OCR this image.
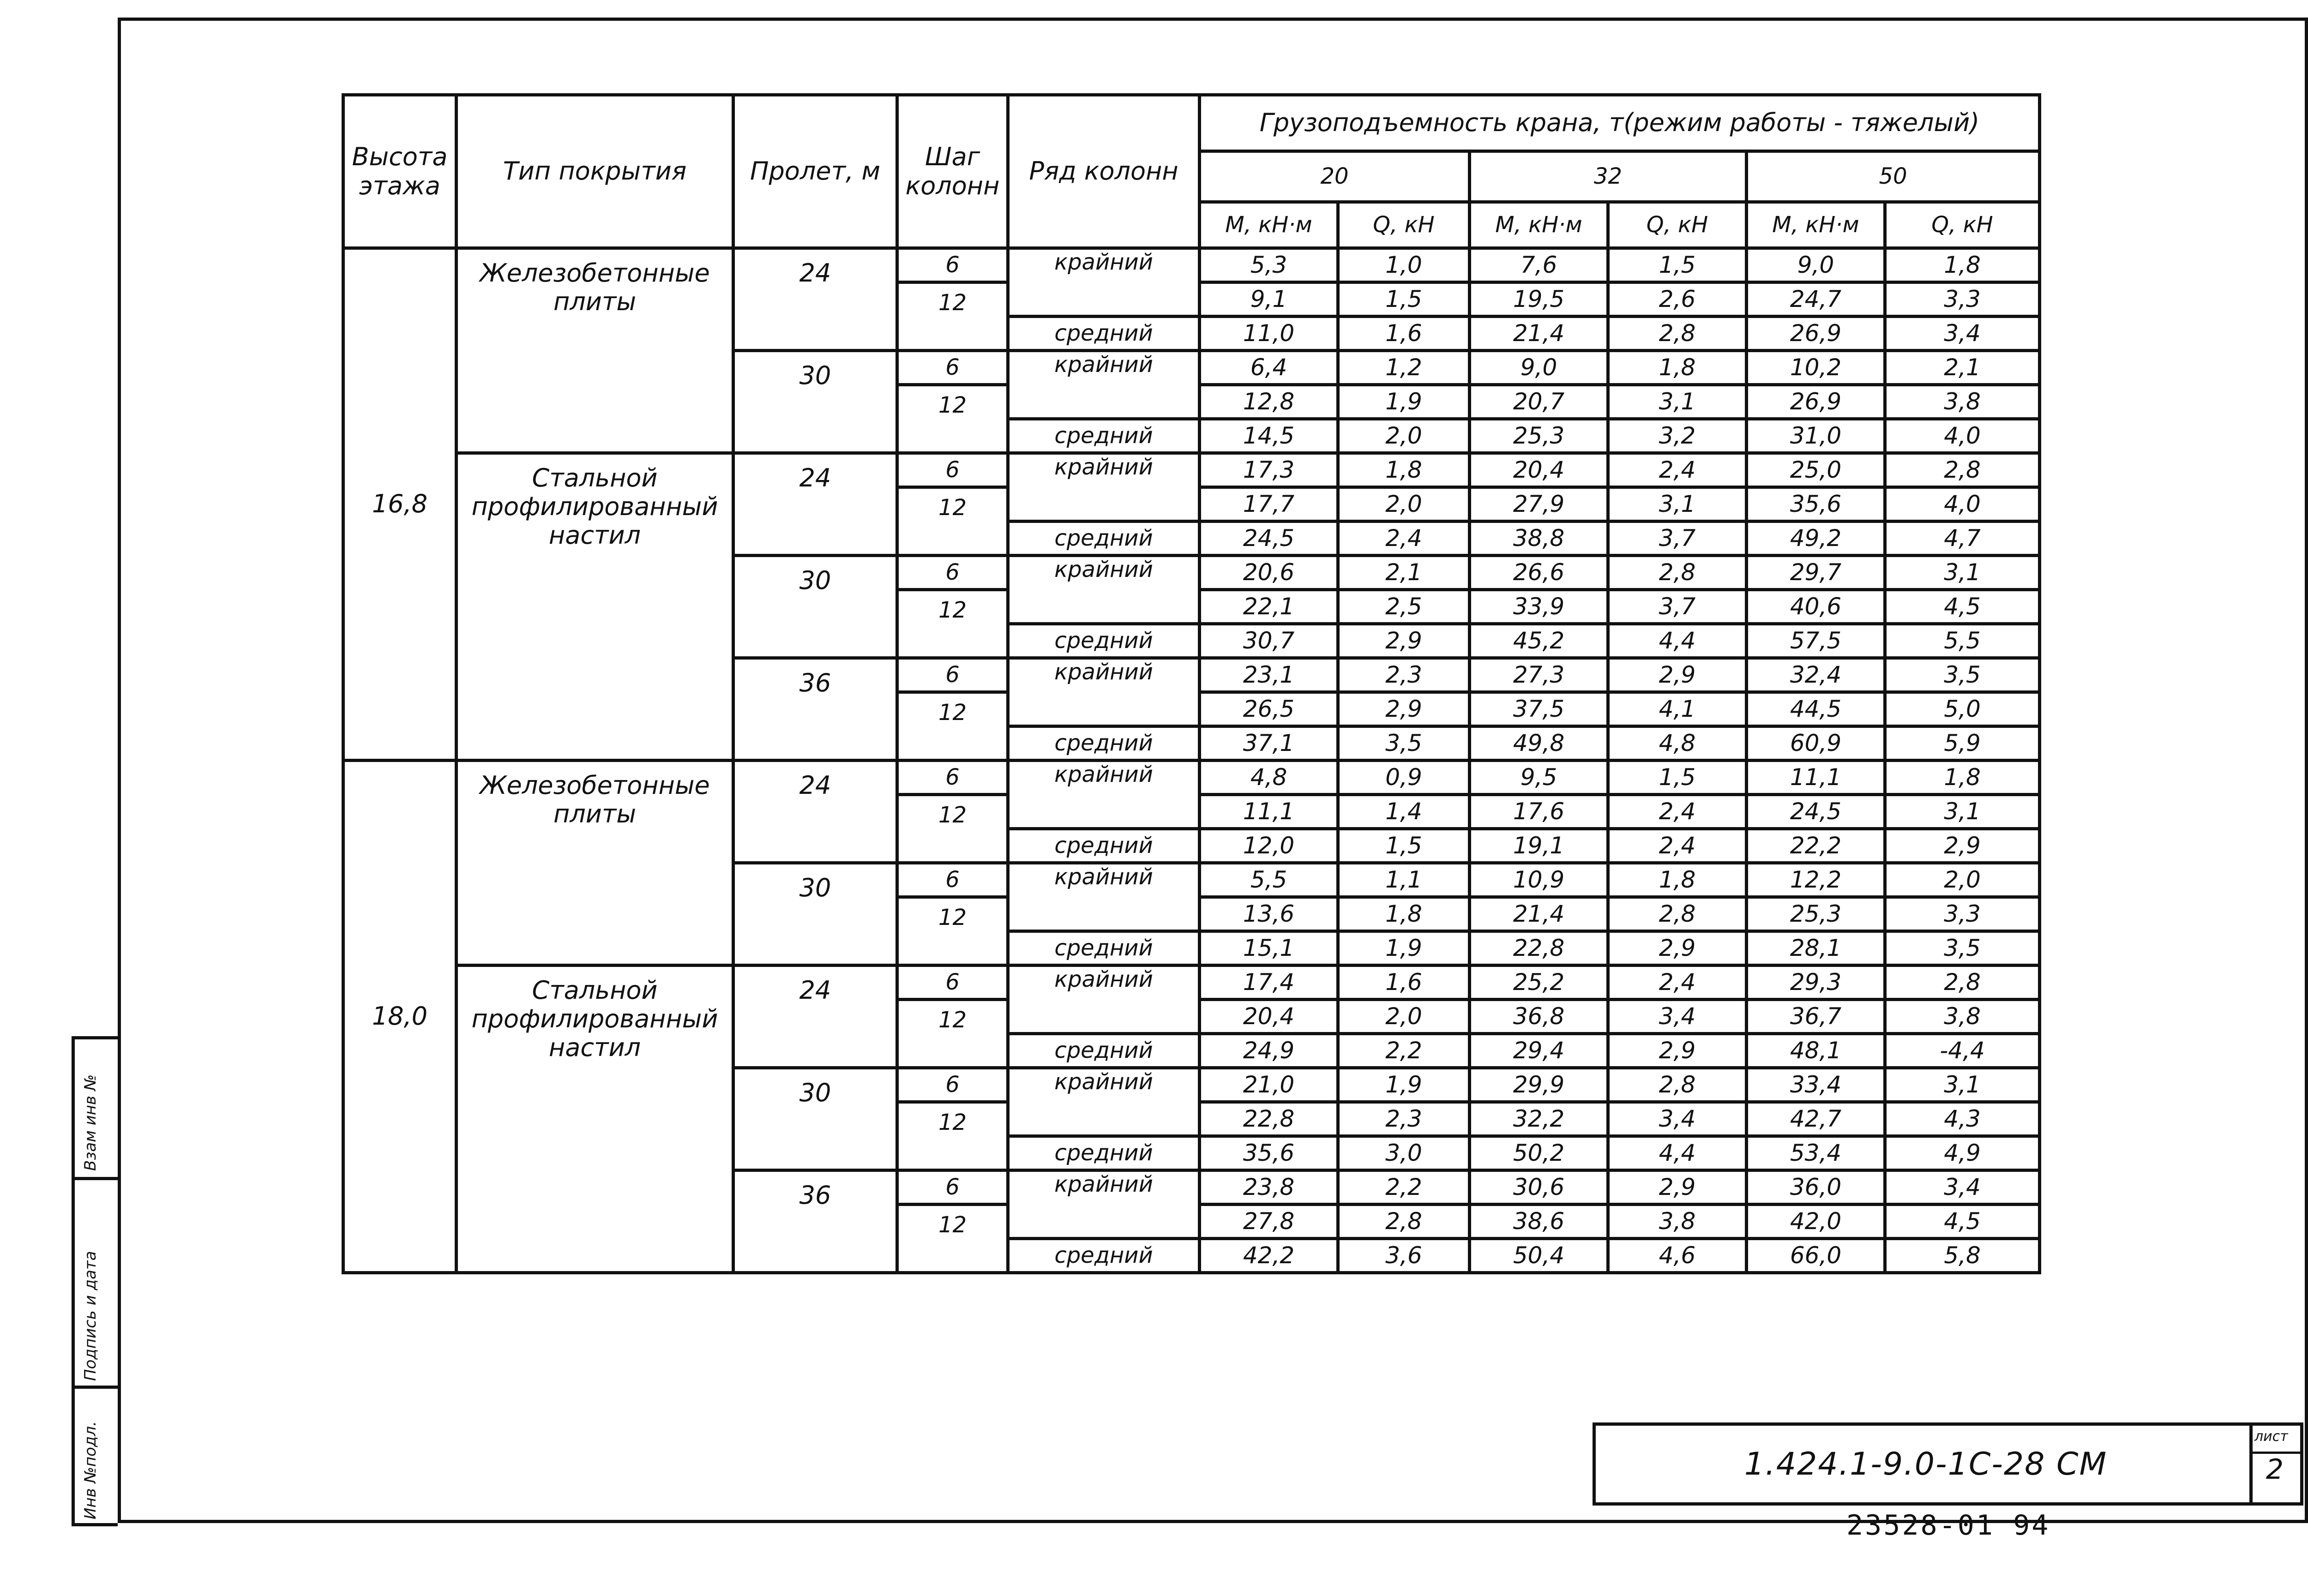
Инв №подл.
Подпись и дата
Взам инв №
Высота этажа	Тип покрытия	Пролет, м	Шаг колонн	Ряд колонн	Грузоподъемность крана, т(режим работы - тяжелый)					
					20		32		50	
					М, кН·м	Q, кН	М, кН·м	Q, кН	М, кН·м	Q, кН
16,8	Железобетонные плиты	24	6	крайний	5,3	1,0	7,6	1,5	9,0	1,8
			12		9,1	1,5	19,5	2,6	24,7	3,3
				средний	11,0	1,6	21,4	2,8	26,9	3,4
		30	6	крайний	6,4	1,2	9,0	1,8	10,2	2,1
			12		12,8	1,9	20,7	3,1	26,9	3,8
				средний	14,5	2,0	25,3	3,2	31,0	4,0
	Стальной профилированный настил	24	6	крайний	17,3	1,8	20,4	2,4	25,0	2,8
			12		17,7	2,0	27,9	3,1	35,6	4,0
				средний	24,5	2,4	38,8	3,7	49,2	4,7
		30	6	крайний	20,6	2,1	26,6	2,8	29,7	3,1
			12		22,1	2,5	33,9	3,7	40,6	4,5
				средний	30,7	2,9	45,2	4,4	57,5	5,5
		36	6	крайний	23,1	2,3	27,3	2,9	32,4	3,5
			12		26,5	2,9	37,5	4,1	44,5	5,0
				средний	37,1	3,5	49,8	4,8	60,9	5,9
18,0	Железобетонные плиты	24	6	крайний	4,8	0,9	9,5	1,5	11,1	1,8
			12		11,1	1,4	17,6	2,4	24,5	3,1
				средний	12,0	1,5	19,1	2,4	22,2	2,9
		30	6	крайний	5,5	1,1	10,9	1,8	12,2	2,0
			12		13,6	1,8	21,4	2,8	25,3	3,3
				средний	15,1	1,9	22,8	2,9	28,1	3,5
	Стальной профилированный настил	24	6	крайний	17,4	1,6	25,2	2,4	29,3	2,8
			12		20,4	2,0	36,8	3,4	36,7	3,8
				средний	24,9	2,2	29,4	2,9	48,1	-4,4
		30	6	крайний	21,0	1,9	29,9	2,8	33,4	3,1
			12		22,8	2,3	32,2	3,4	42,7	4,3
				средний	35,6	3,0	50,2	4,4	53,4	4,9
		36	6	крайний	23,8	2,2	30,6	2,9	36,0	3,4
			12		27,8	2,8	38,6	3,8	42,0	4,5
				средний	42,2	3,6	50,4	4,6	66,0	5,8
1.424.1-9.0-1С-28 СМ
лист
2
23528-01 94
